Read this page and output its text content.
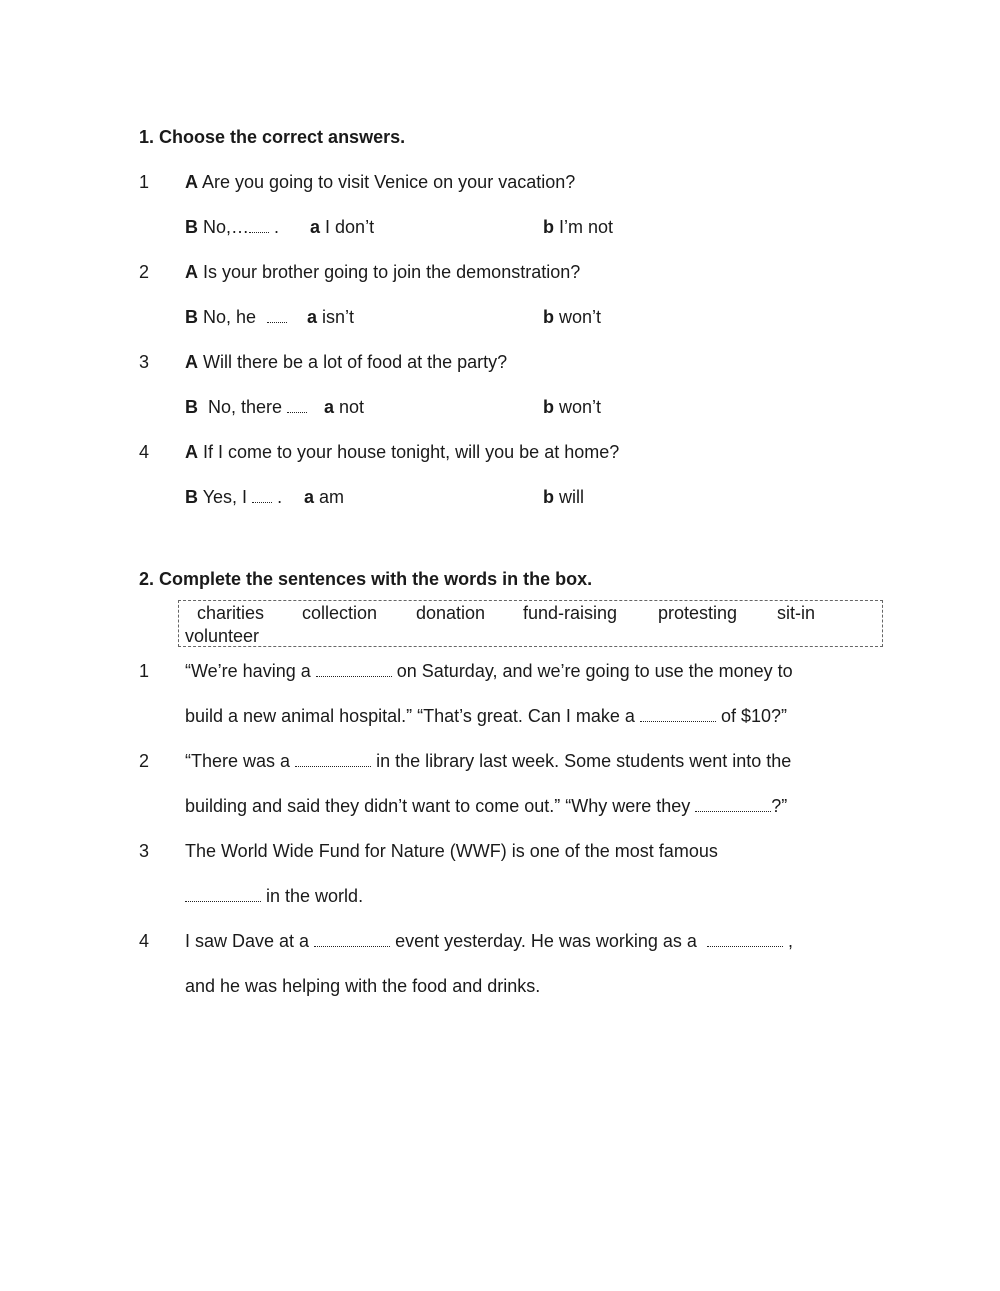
1. Choose the correct answers.
1 A Are you going to visit Venice on your vacation?
B No,… . a I don’t	b I’m not
2 A Is your brother going to join the demonstration?
B No, he	a isn’t	b won’t
3 A Will there be a lot of food at the party?
B No, there	a not	b won’t
4 A If I come to your house tonight, will you be at home?
B Yes, I . a am	b will
2. Complete the sentences with the words in the box.
charities collection donation fund-raising protesting sit-in
volunteer
1 “We’re having a	on Saturday, and we’re going to use the money to
build a new animal hospital.” “That’s great. Can I make a	of $10?”
2 “There was a	in the library last week. Some students went into the
building and said they didn’t want to come out.” “Why were they	?”
3 The World Wide Fund for Nature (WWF) is one of the most famous
in the world.
4 I saw Dave at a	event yesterday. He was working as a	,
and he was helping with the food and drinks.
